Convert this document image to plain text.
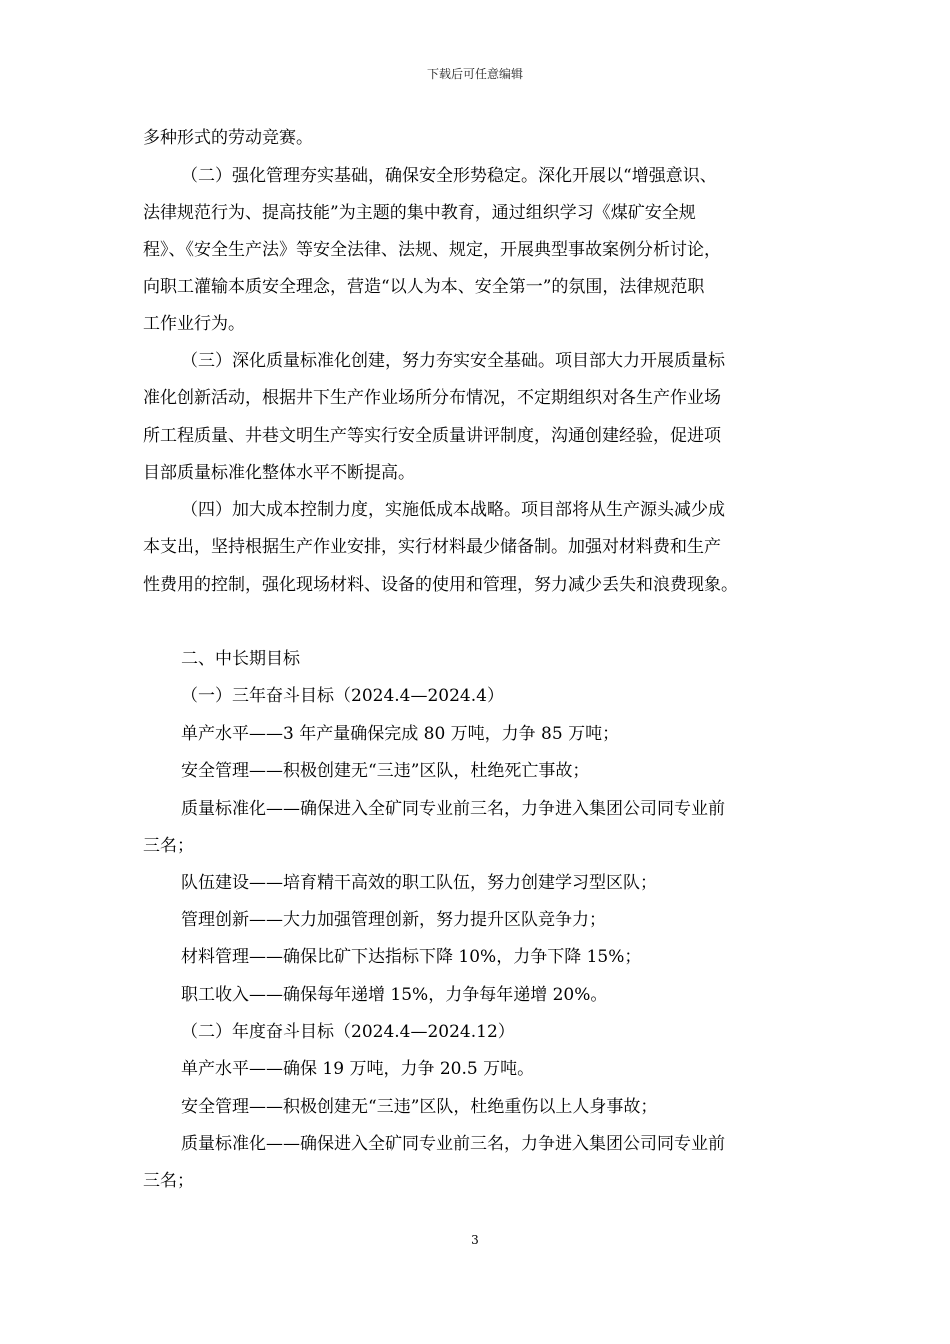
下载后可任意编辑
多种形式的劳动竞赛。
（二）强化管理夯实基础，确保安全形势稳定。深化开展以“增强意识、
法律规范行为、提高技能”为主题的集中教育，通过组织学习《煤矿安全规
程》、《安全生产法》等安全法律、法规、规定，开展典型事故案例分析讨论，
向职工灌输本质安全理念，营造“以人为本、安全第一”的氛围，法律规范职
工作业行为。
（三）深化质量标准化创建，努力夯实安全基础。项目部大力开展质量标
准化创新活动，根据井下生产作业场所分布情况，不定期组织对各生产作业场
所工程质量、井巷文明生产等实行安全质量讲评制度，沟通创建经验，促进项
目部质量标准化整体水平不断提高。
（四）加大成本控制力度，实施低成本战略。项目部将从生产源头减少成
本支出，坚持根据生产作业安排，实行材料最少储备制。加强对材料费和生产
性费用的控制，强化现场材料、设备的使用和管理，努力减少丢失和浪费现象。
二、中长期目标
（一）三年奋斗目标（2024.4—2024.4）
单产水平——3 年产量确保完成 80 万吨，力争 85 万吨；
安全管理——积极创建无“三违”区队，杜绝死亡事故；
质量标准化——确保进入全矿同专业前三名，力争进入集团公司同专业前
三名；
队伍建设——培育精干高效的职工队伍，努力创建学习型区队；
管理创新——大力加强管理创新，努力提升区队竞争力；
材料管理——确保比矿下达指标下降 10%，力争下降 15%；
职工收入——确保每年递增 15%，力争每年递增 20%。
（二）年度奋斗目标（2024.4—2024.12）
单产水平——确保 19 万吨，力争 20.5 万吨。
安全管理——积极创建无“三违”区队，杜绝重伤以上人身事故；
质量标准化——确保进入全矿同专业前三名，力争进入集团公司同专业前
三名；
3
